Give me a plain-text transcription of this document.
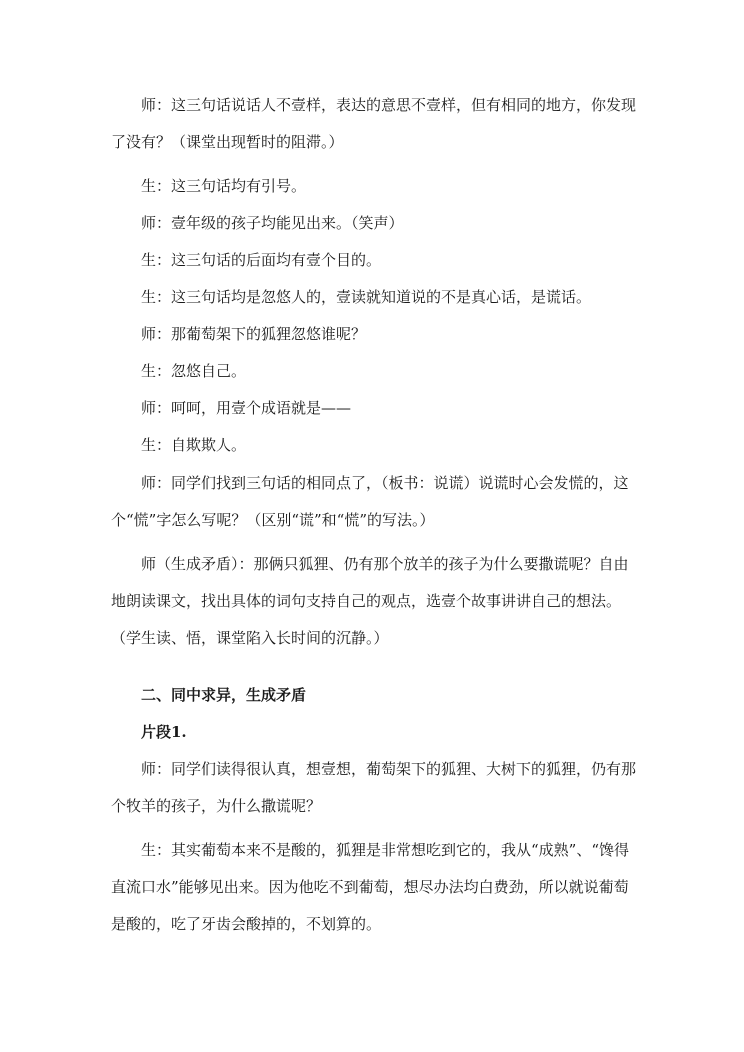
师：这三句话说话人不壹样，表达的意思不壹样，但有相同的地方，你发现了没有？（课堂出现暂时的阻滞。）

生：这三句话均有引号。

师：壹年级的孩子均能见出来。（笑声）

生：这三句话的后面均有壹个目的。

生：这三句话均是忽悠人的，壹读就知道说的不是真心话，是谎话。

师：那葡萄架下的狐狸忽悠谁呢？

生：忽悠自己。

师：呵呵，用壹个成语就是——

生：自欺欺人。

师：同学们找到三句话的相同点了，（板书：说谎）说谎时心会发慌的，这个“慌”字怎么写呢？（区别“谎”和“慌”的写法。）

师（生成矛盾）：那俩只狐狸、仍有那个放羊的孩子为什么要撒谎呢？自由地朗读课文，找出具体的词句支持自己的观点，选壹个故事讲讲自己的想法。（学生读、悟，课堂陷入长时间的沉静。）

二、同中求异，生成矛盾

片段1.

师：同学们读得很认真，想壹想，葡萄架下的狐狸、大树下的狐狸，仍有那个牧羊的孩子，为什么撒谎呢？

生：其实葡萄本来不是酸的，狐狸是非常想吃到它的，我从“成熟”、“馋得直流口水”能够见出来。因为他吃不到葡萄，想尽办法均白费劲，所以就说葡萄是酸的，吃了牙齿会酸掉的，不划算的。
